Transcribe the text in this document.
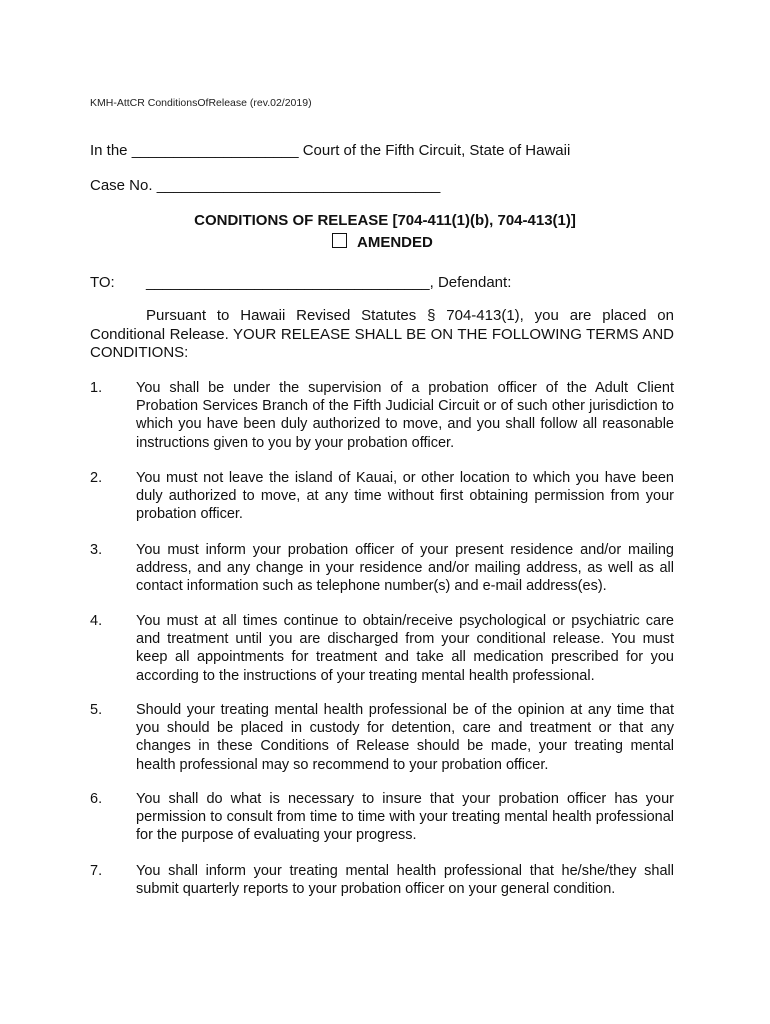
KMH-AttCR ConditionsOfRelease (rev.02/2019)
In the ____________________ Court of the Fifth Circuit, State of Hawaii
Case No. __________________________________
CONDITIONS OF RELEASE [704-411(1)(b), 704-413(1)]
AMENDED
TO: __________________________________, Defendant:
Pursuant to Hawaii Revised Statutes § 704-413(1), you are placed on Conditional Release. YOUR RELEASE SHALL BE ON THE FOLLOWING TERMS AND CONDITIONS:
1. You shall be under the supervision of a probation officer of the Adult Client Probation Services Branch of the Fifth Judicial Circuit or of such other jurisdiction to which you have been duly authorized to move, and you shall follow all reasonable instructions given to you by your probation officer.
2. You must not leave the island of Kauai, or other location to which you have been duly authorized to move, at any time without first obtaining permission from your probation officer.
3. You must inform your probation officer of your present residence and/or mailing address, and any change in your residence and/or mailing address, as well as all contact information such as telephone number(s) and e-mail address(es).
4. You must at all times continue to obtain/receive psychological or psychiatric care and treatment until you are discharged from your conditional release. You must keep all appointments for treatment and take all medication prescribed for you according to the instructions of your treating mental health professional.
5. Should your treating mental health professional be of the opinion at any time that you should be placed in custody for detention, care and treatment or that any changes in these Conditions of Release should be made, your treating mental health professional may so recommend to your probation officer.
6. You shall do what is necessary to insure that your probation officer has your permission to consult from time to time with your treating mental health professional for the purpose of evaluating your progress.
7. You shall inform your treating mental health professional that he/she/they shall submit quarterly reports to your probation officer on your general condition.
